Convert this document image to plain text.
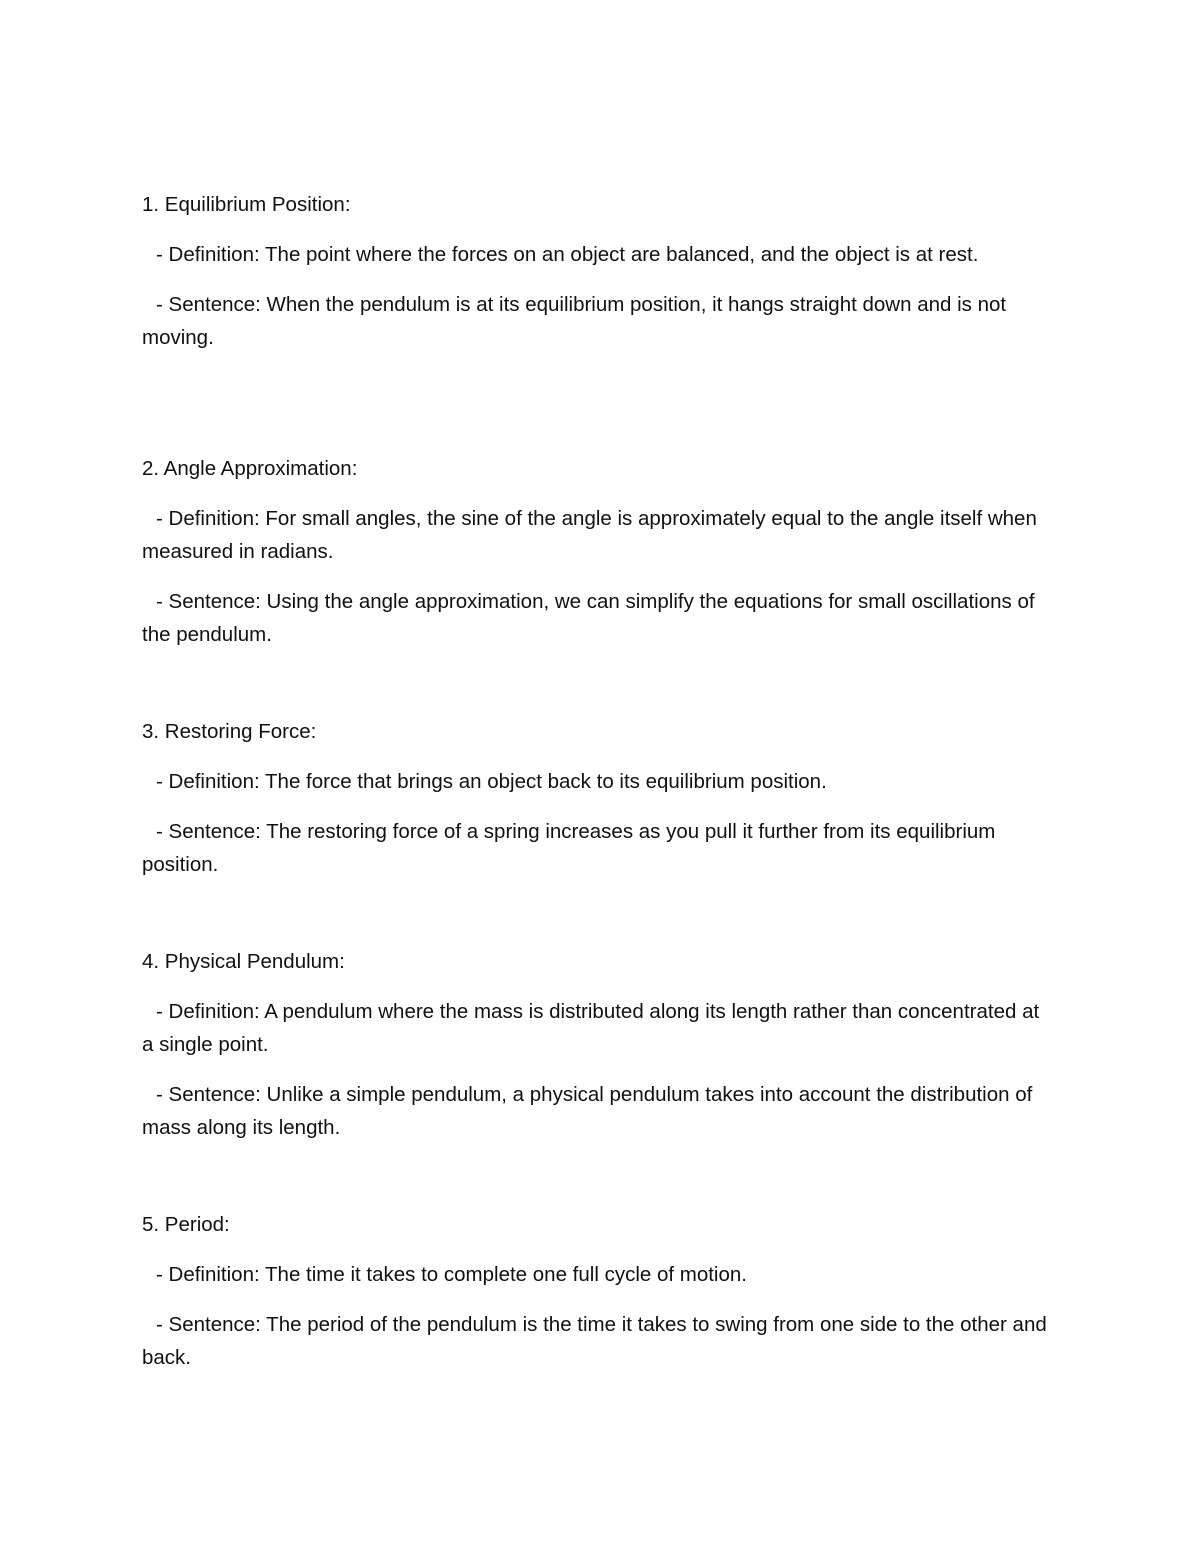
1. Equilibrium Position:

- Definition: The point where the forces on an object are balanced, and the object is at rest.

- Sentence: When the pendulum is at its equilibrium position, it hangs straight down and is not moving.

2. Angle Approximation:

- Definition: For small angles, the sine of the angle is approximately equal to the angle itself when measured in radians.

- Sentence: Using the angle approximation, we can simplify the equations for small oscillations of the pendulum.

3. Restoring Force:

- Definition: The force that brings an object back to its equilibrium position.

- Sentence: The restoring force of a spring increases as you pull it further from its equilibrium position.

4. Physical Pendulum:

- Definition: A pendulum where the mass is distributed along its length rather than concentrated at a single point.

- Sentence: Unlike a simple pendulum, a physical pendulum takes into account the distribution of mass along its length.

5. Period:

- Definition: The time it takes to complete one full cycle of motion.

- Sentence: The period of the pendulum is the time it takes to swing from one side to the other and back.
